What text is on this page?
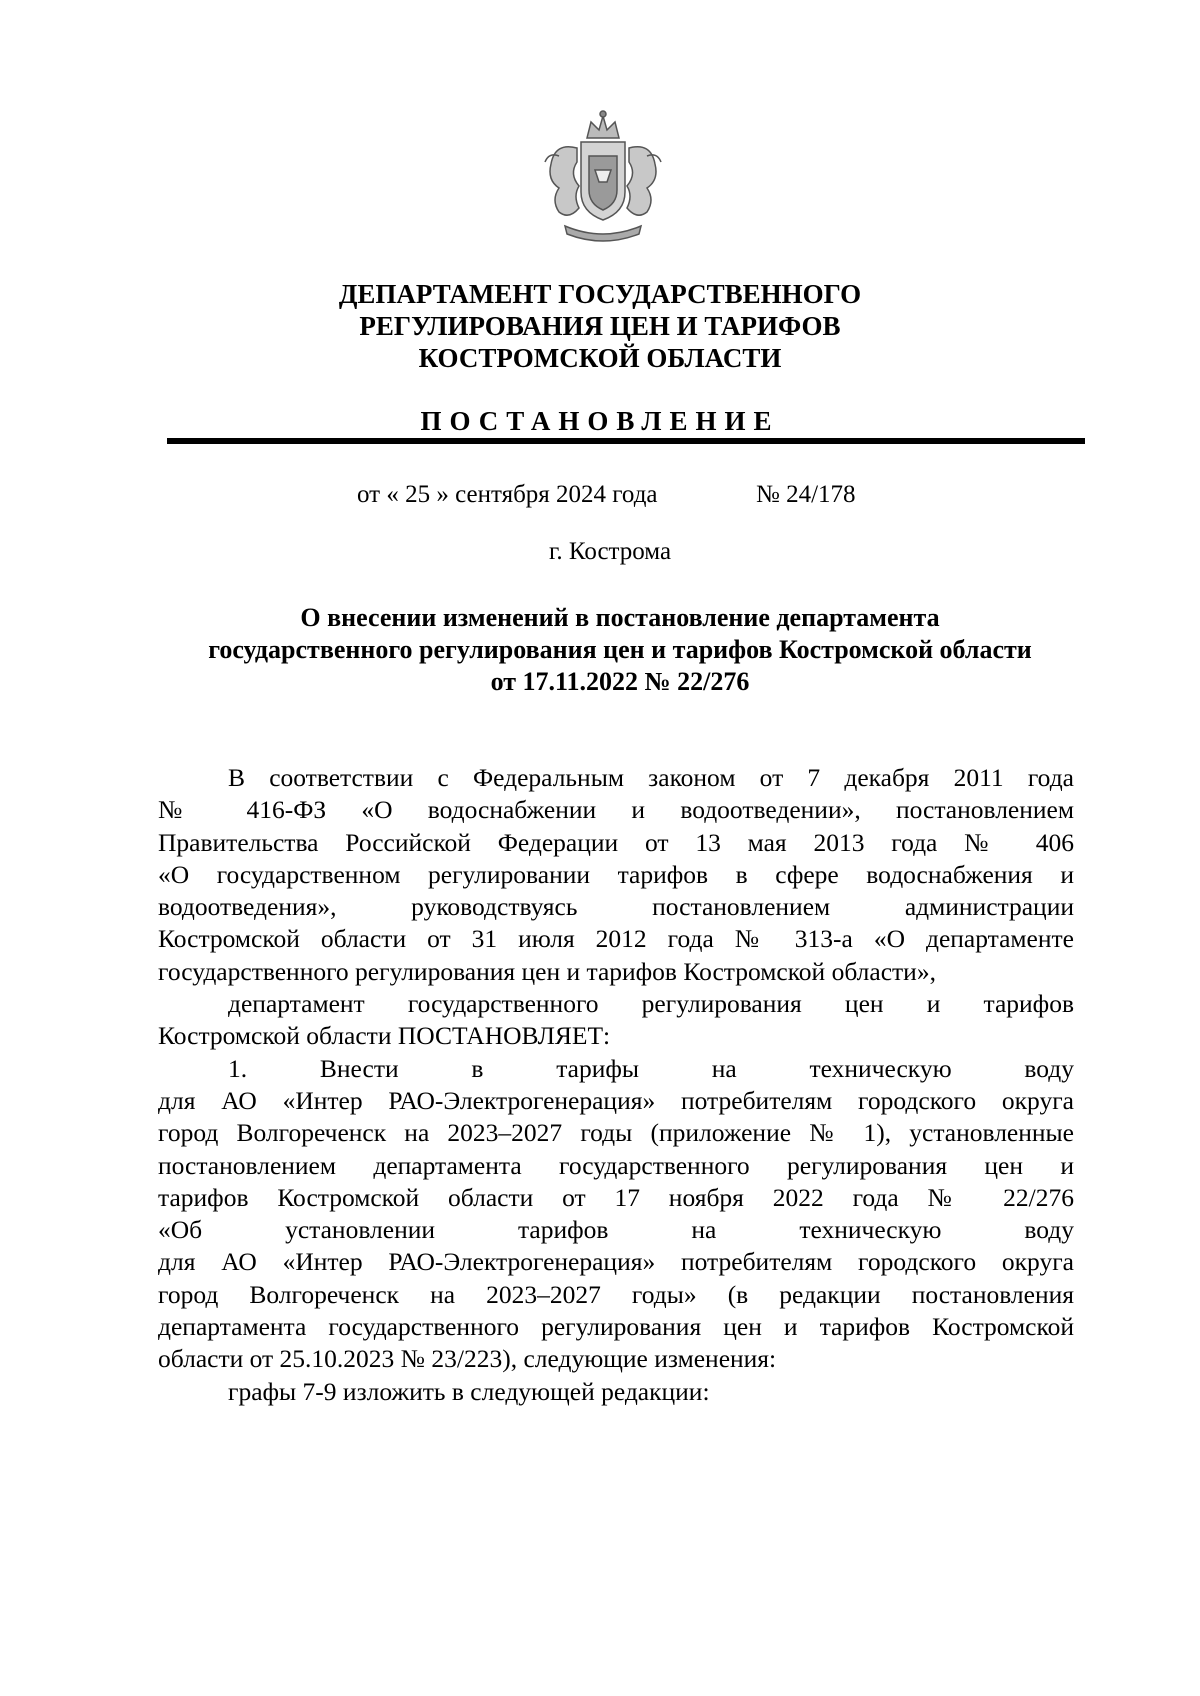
ДЕПАРТАМЕНТ ГОСУДАРСТВЕННОГО
РЕГУЛИРОВАНИЯ ЦЕН И ТАРИФОВ
КОСТРОМСКОЙ ОБЛАСТИ
ПОСТАНОВЛЕНИЕ
от « 25 » сентября 2024 года	№ 24/178
г. Кострома
О внесении изменений в постановление департамента
государственного регулирования цен и тарифов Костромской области
от 17.11.2022 № 22/276
В соответствии с Федеральным законом от 7 декабря 2011 года
№ 416-ФЗ «О водоснабжении и водоотведении», постановлением
Правительства Российской Федерации от 13 мая 2013 года № 406
«О государственном регулировании тарифов в сфере водоснабжения и
водоотведения», руководствуясь постановлением администрации
Костромской области от 31 июля 2012 года № 313-а «О департаменте
государственного регулирования цен и тарифов Костромской области»,
департамент государственного регулирования цен и тарифов
Костромской области ПОСТАНОВЛЯЕТ:
1. Внести в тарифы на техническую воду
для АО «Интер РАО-Электрогенерация» потребителям городского округа
город Волгореченск на 2023–2027 годы (приложение № 1), установленные
постановлением департамента государственного регулирования цен и
тарифов Костромской области от 17 ноября 2022 года № 22/276
«Об установлении тарифов на техническую воду
для АО «Интер РАО-Электрогенерация» потребителям городского округа
город Волгореченск на 2023–2027 годы» (в редакции постановления
департамента государственного регулирования цен и тарифов Костромской
области от 25.10.2023 № 23/223), следующие изменения:
графы 7-9 изложить в следующей редакции:
